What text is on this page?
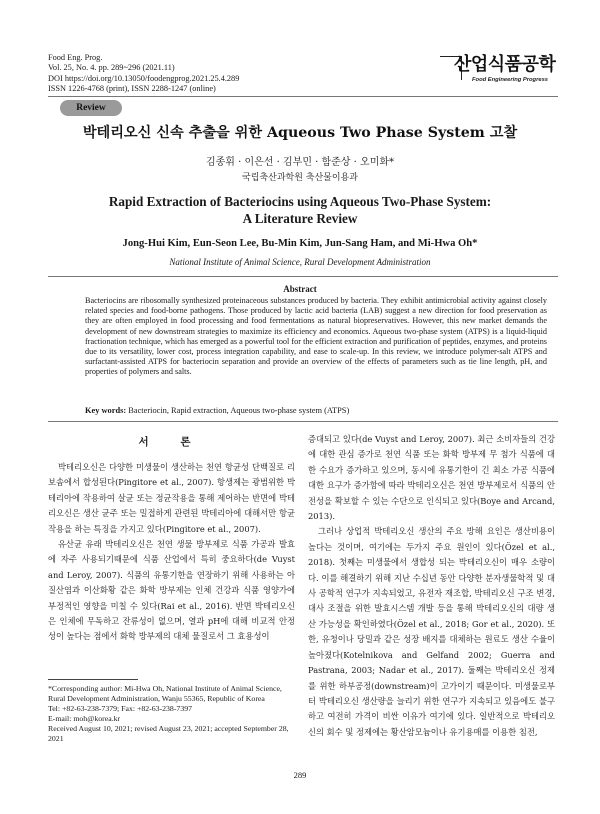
Food Eng. Prog.
Vol. 25, No. 4. pp. 289~296 (2021.11)
DOI https://doi.org/10.13050/foodengprog.2021.25.4.289
ISSN 1226-4768 (print), ISSN 2288-1247 (online)
산업식품공학
Food Engineering Progress
Review
박테리오신 신속 추출을 위한 Aqueous Two Phase System 고찰
김종휘 · 이은선 · 김부민 · 함준상 · 오미화*
국립축산과학원 축산물이용과
Rapid Extraction of Bacteriocins using Aqueous Two-Phase System:
A Literature Review
Jong-Hui Kim, Eun-Seon Lee, Bu-Min Kim, Jun-Sang Ham, and Mi-Hwa Oh*
National Institute of Animal Science, Rural Development Administration
Abstract
Bacteriocins are ribosomally synthesized proteinaceous substances produced by bacteria. They exhibit antimicrobial activity against closely related species and food-borne pathogens. Those produced by lactic acid bacteria (LAB) suggest a new direction for food preservation as they are often employed in food processing and food fermentations as natural biopreservatives. However, this new market demands the development of new downstream strategies to maximize its efficiency and economics. Aqueous two-phase system (ATPS) is a liquid-liquid fractionation technique, which has emerged as a powerful tool for the efficient extraction and purification of peptides, enzymes, and proteins due to its versatility, lower cost, process integration capability, and ease to scale-up. In this review, we introduce polymer-salt ATPS and surfactant-assisted ATPS for bacteriocin separation and provide an overview of the effects of parameters such as tie line length, pH, and properties of polymers and salts.
Key words: Bacteriocin, Rapid extraction, Aqueous two-phase system (ATPS)
서 론

박테리오신은 다양한 미생물이 생산하는 천연 항균성 단백질로 리보솜에서 합성된다(Pingitore et al., 2007). 항생제는 광범위한 박테리아에 작용하여 살균 또는 정균작용을 통해 제어하는 반면에 박테리오신은 생산 균주 또는 밀접하게 관련된 박테리아에 대해서만 항균작용을 하는 특징을 가지고 있다(Pingitore et al., 2007).

유산균 유래 박테리오신은 천연 생물 방부제로 식품 가공과 발효에 자주 사용되기때문에 식품 산업에서 특히 중요하다(de Vuyst and Leroy, 2007). 식품의 유통기한을 연장하기 위해 사용하는 아질산염과 이산화황 같은 화학 방부제는 인체 건강과 식품 영양가에 부정적인 영향을 미칠 수 있다(Rai et al., 2016). 반면 박테리오신은 인체에 무독하고 잔류성이 없으며, 열과 pH에 대해 비교적 안정성이 높다는 점에서 화학 방부제의 대체 물질로서 그 효용성이

*Corresponding author: Mi-Hwa Oh, National Institute of Animal Science, Rural Development Administration, Wanju 55365, Republic of Korea
Tel: +82-63-238-7379; Fax: +82-63-238-7397
E-mail: moh@korea.kr
Received August 10, 2021; revised August 23, 2021; accepted September 28, 2021

증대되고 있다(de Vuyst and Leroy, 2007). 최근 소비자들의 건강에 대한 관심 증가로 천연 식품 또는 화학 방부제 무 첨가 식품에 대한 수요가 증가하고 있으며, 동시에 유통기한이 긴 최소 가공 식품에 대한 요구가 증가함에 따라 박테리오신은 천연 방부제로서 식품의 안전성을 확보할 수 있는 수단으로 인식되고 있다(Boye and Arcand, 2013).

그러나 상업적 박테리오신 생산의 주요 방해 요인은 생산비용이 높다는 것이며, 여기에는 두가지 주요 원인이 있다(Özel et al., 2018). 첫째는 미생물에서 생합성 되는 박테리오신이 매우 소량이다. 이를 해결하기 위해 지난 수십년 동안 다양한 분자생물학적 및 대사 공학적 연구가 지속되었고, 유전자 재조합, 박테리오신 구조 변경, 대사 조절을 위한 발효시스템 개발 등을 통해 박테리오신의 대량 생산 가능성을 확인하였다(Özel et al., 2018; Gor et al., 2020). 또한, 유청이나 당밀과 같은 성장 배지를 대체하는 원료도 생산 수율이 높아졌다(Kotelnikova and Gelfand 2002; Guerra and Pastrana, 2003; Nadar et al., 2017). 둘째는 박테리오신 정제를 위한 하부공정(downstream)이 고가이기 때문이다. 미생물로부터 박테리오신 생산량을 늘리기 위한 연구가 지속되고 있음에도 불구하고 여전히 가격이 비싼 이유가 여기에 있다. 일반적으로 박테리오신의 회수 및 정제에는 황산암모늄이나 유기용매를 이용한 침전,

289
